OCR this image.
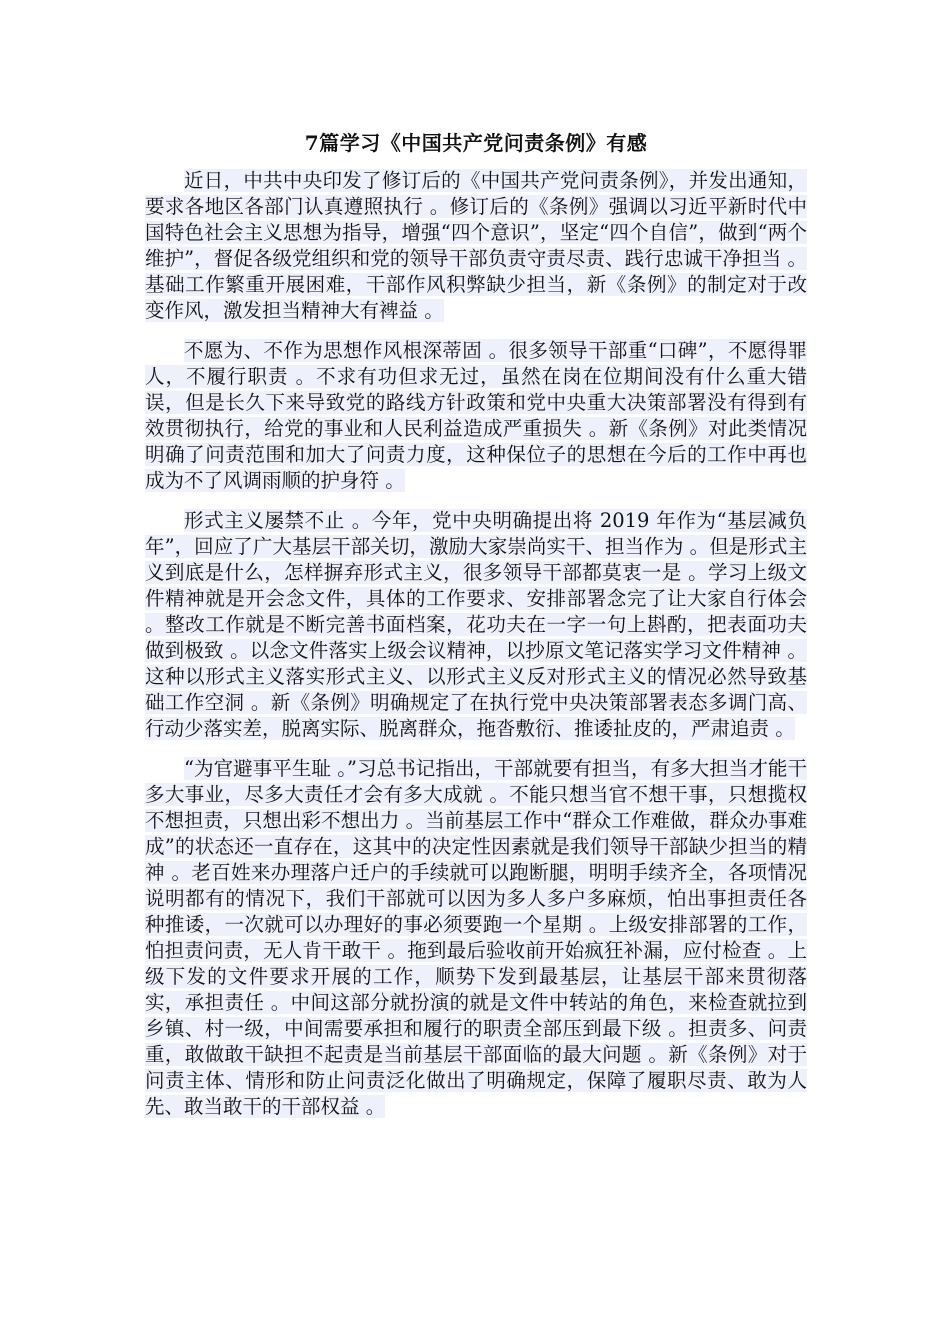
7篇学习《中国共产党问责条例》有感

近日，中共中央印发了修订后的《中国共产党问责条例》，并发出通知，要求各地区各部门认真遵照执行 。修订后的《条例》强调以习近平新时代中国特色社会主义思想为指导，增强“四个意识”，坚定“四个自信”，做到“两个维护”，督促各级党组织和党的领导干部负责守责尽责、践行忠诚干净担当 。基础工作繁重开展困难，干部作风积弊缺少担当，新《条例》的制定对于改变作风，激发担当精神大有裨益 。

不愿为、不作为思想作风根深蒂固 。很多领导干部重“口碑”，不愿得罪人，不履行职责 。不求有功但求无过，虽然在岗在位期间没有什么重大错误，但是长久下来导致党的路线方针政策和党中央重大决策部署没有得到有效贯彻执行，给党的事业和人民利益造成严重损失 。新《条例》对此类情况明确了问责范围和加大了问责力度，这种保位子的思想在今后的工作中再也成为不了风调雨顺的护身符 。

形式主义屡禁不止 。今年，党中央明确提出将 2019 年作为“基层减负年”，回应了广大基层干部关切，激励大家崇尚实干、担当作为 。但是形式主义到底是什么，怎样摒弃形式主义，很多领导干部都莫衷一是 。学习上级文件精神就是开会念文件，具体的工作要求、安排部署念完了让大家自行体会 。整改工作就是不断完善书面档案，花功夫在一字一句上斟酌，把表面功夫做到极致 。以念文件落实上级会议精神，以抄原文笔记落实学习文件精神 。这种以形式主义落实形式主义、以形式主义反对形式主义的情况必然导致基础工作空洞 。新《条例》明确规定了在执行党中央决策部署表态多调门高、行动少落实差，脱离实际、脱离群众，拖沓敷衍、推诿扯皮的，严肃追责 。

“为官避事平生耻 。”习总书记指出，干部就要有担当，有多大担当才能干多大事业，尽多大责任才会有多大成就 。不能只想当官不想干事，只想揽权不想担责，只想出彩不想出力 。当前基层工作中“群众工作难做，群众办事难成”的状态还一直存在，这其中的决定性因素就是我们领导干部缺少担当的精神 。老百姓来办理落户迁户的手续就可以跑断腿，明明手续齐全，各项情况说明都有的情况下，我们干部就可以因为多人多户多麻烦，怕出事担责任各种推诿，一次就可以办理好的事必须要跑一个星期 。上级安排部署的工作，怕担责问责，无人肯干敢干 。拖到最后验收前开始疯狂补漏，应付检查 。上级下发的文件要求开展的工作，顺势下发到最基层，让基层干部来贯彻落实，承担责任 。中间这部分就扮演的就是文件中转站的角色，来检查就拉到乡镇、村一级，中间需要承担和履行的职责全部压到最下级 。担责多、问责重，敢做敢干缺担不起责是当前基层干部面临的最大问题 。新《条例》对于问责主体、情形和防止问责泛化做出了明确规定，保障了履职尽责、敢为人先、敢当敢干的干部权益 。
